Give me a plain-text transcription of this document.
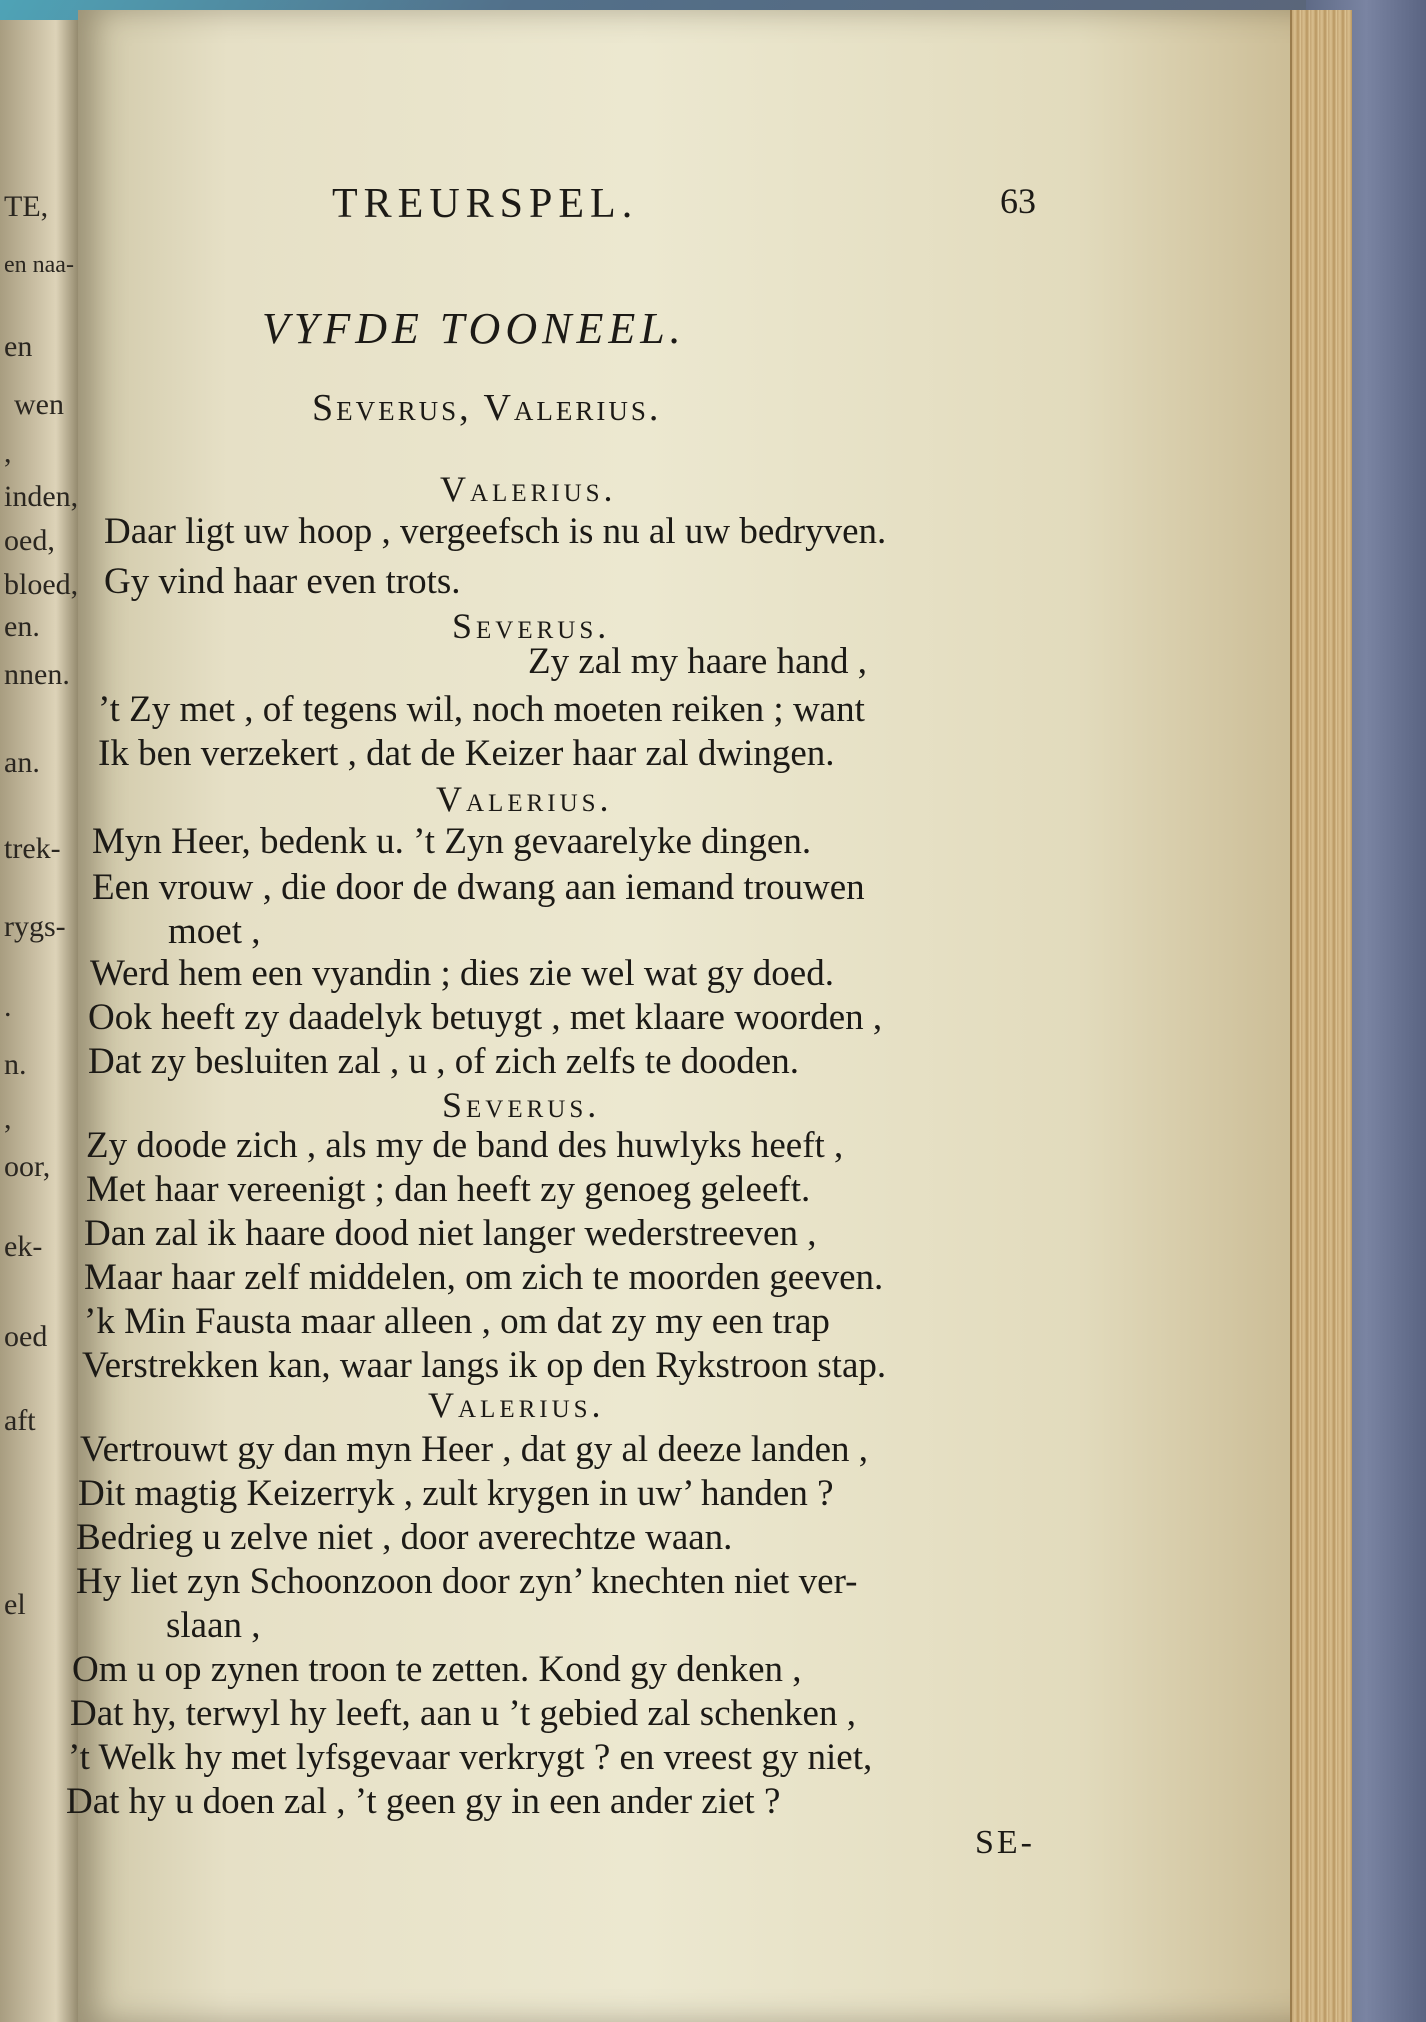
TE,
en naa-
en
wen
,
inden,
oed,
bloed,
en.
nnen.
an.
trek-
rygs-
.
n.
,
oor,
ek-
oed
aft
el
TREURSPEL.	63
VYFDE TOONEEL.
Severus, Valerius.
Valerius.
Daar ligt uw hoop , vergeefsch is nu al uw bedryven.
Gy vind haar even trots.
Severus.
Zy zal my haare hand ,
’t Zy met , of tegens wil, noch moeten reiken ; want
Ik ben verzekert , dat de Keizer haar zal dwingen.
Valerius.
Myn Heer, bedenk u. ’t Zyn gevaarelyke dingen.
Een vrouw , die door de dwang aan iemand trouwen
moet ,
Werd hem een vyandin ; dies zie wel wat gy doed.
Ook heeft zy daadelyk betuygt , met klaare woorden ,
Dat zy besluiten zal , u , of zich zelfs te dooden.
Severus.
Zy doode zich , als my de band des huwlyks heeft ,
Met haar vereenigt ; dan heeft zy genoeg geleeft.
Dan zal ik haare dood niet langer wederstreeven ,
Maar haar zelf middelen, om zich te moorden geeven.
’k Min Fausta maar alleen , om dat zy my een trap
Verstrekken kan, waar langs ik op den Rykstroon stap.
Valerius.
Vertrouwt gy dan myn Heer , dat gy al deeze landen ,
Dit magtig Keizerryk , zult krygen in uw’ handen ?
Bedrieg u zelve niet , door averechtze waan.
Hy liet zyn Schoonzoon door zyn’ knechten niet ver-
slaan ,
Om u op zynen troon te zetten. Kond gy denken ,
Dat hy, terwyl hy leeft, aan u ’t gebied zal schenken ,
’t Welk hy met lyfsgevaar verkrygt ? en vreest gy niet,
Dat hy u doen zal , ’t geen gy in een ander ziet ?
SE-
